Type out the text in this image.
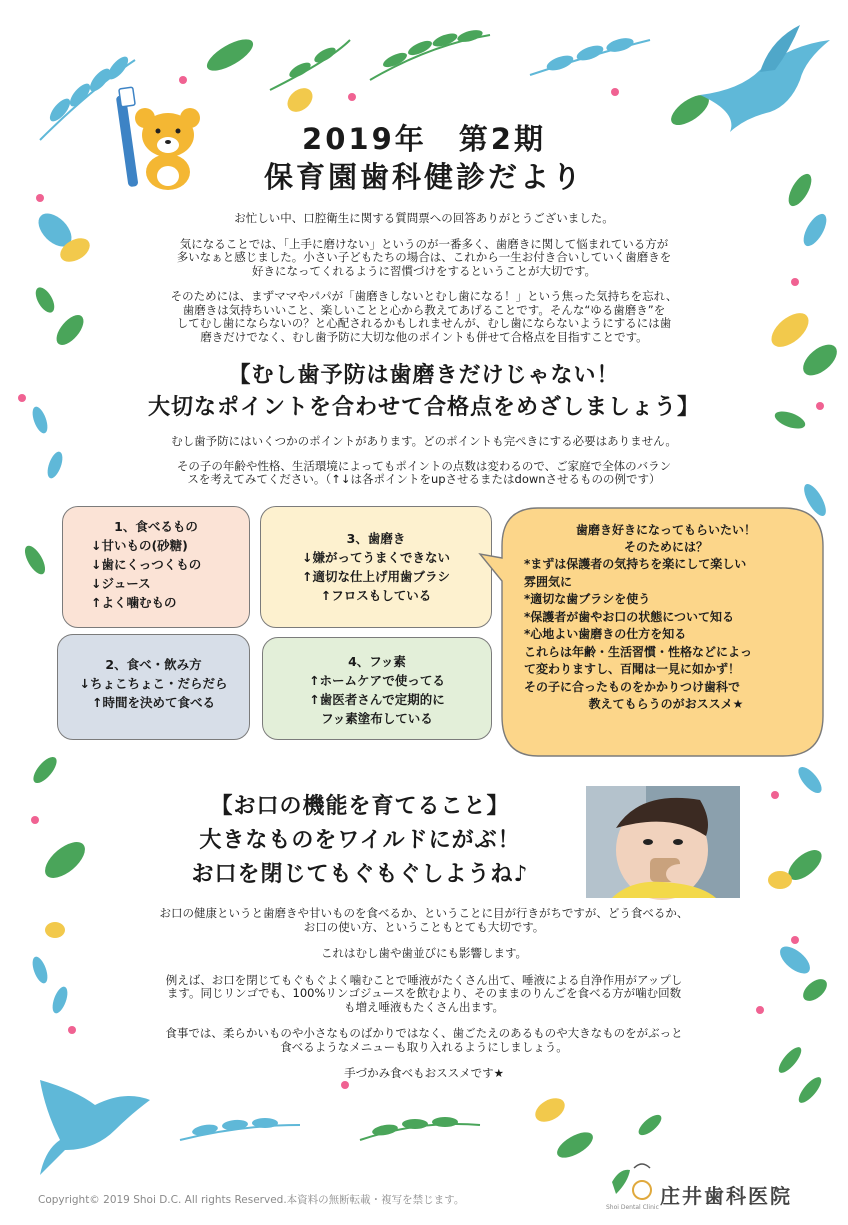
2019年　第2期
保育園歯科健診だより
お忙しい中、口腔衛生に関する質問票への回答ありがとうございました。
気になることでは、「上手に磨けない」というのが一番多く、歯磨きに関して悩まれている方が
多いなぁと感じました。小さい子どもたちの場合は、これから一生お付き合いしていく歯磨きを
好きになってくれるように習慣づけをするということが大切です。
そのためには、まずママやパパが「歯磨きしないとむし歯になる！」という焦った気持ちを忘れ、
歯磨きは気持ちいいこと、楽しいことと心から教えてあげることです。そんな“ゆる歯磨き”を
してむし歯にならないの？と心配されるかもしれませんが、むし歯にならないようにするには歯
磨きだけでなく、むし歯予防に大切な他のポイントも併せて合格点を目指すことです。
【むし歯予防は歯磨きだけじゃない！
大切なポイントを合わせて合格点をめざしましょう】
むし歯予防にはいくつかのポイントがあります。どのポイントも完ぺきにする必要はありません。
その子の年齢や性格、生活環境によってもポイントの点数は変わるので、ご家庭で全体のバラン
スを考えてみてください。（↑↓は各ポイントをupさせるまたはdownさせるものの例です）
1、食べるもの
↓甘いもの(砂糖)
↓歯にくっつくもの
↓ジュース
↑よく噛むもの
2、食べ・飲み方
↓ちょこちょこ・だらだら
↑時間を決めて食べる
3、歯磨き
↓嫌がってうまくできない
↑適切な仕上げ用歯ブラシ
↑フロスもしている
4、フッ素
↑ホームケアで使ってる
↑歯医者さんで定期的に
フッ素塗布している
歯磨き好きになってもらいたい！
そのためには？
*まずは保護者の気持ちを楽にして楽しい
雰囲気に
*適切な歯ブラシを使う
*保護者が歯やお口の状態について知る
*心地よい歯磨きの仕方を知る
これらは年齢・生活習慣・性格などによっ
て変わりますし、百聞は一見に如かず！
その子に合ったものをかかりつけ歯科で
教えてもらうのがおススメ★
【お口の機能を育てること】
大きなものをワイルドにがぶ！
お口を閉じてもぐもぐしようね♪
お口の健康というと歯磨きや甘いものを食べるか、ということに目が行きがちですが、どう食べるか、
お口の使い方、ということもとても大切です。
これはむし歯や歯並びにも影響します。
例えば、お口を閉じてもぐもぐよく噛むことで唾液がたくさん出て、唾液による自浄作用がアップし
ます。同じリンゴでも、100%リンゴジュースを飲むより、そのままのりんごを食べる方が噛む回数
も増え唾液もたくさん出ます。
食事では、柔らかいものや小さなものばかりではなく、歯ごたえのあるものや大きなものをがぶっと
食べるようなメニューも取り入れるようにしましょう。
手づかみ食べもおススメです★
Copyright© 2019 Shoi D.C. All rights Reserved.本資料の無断転載・複写を禁じます。
Shoi Dental Clinic 庄井歯科医院
